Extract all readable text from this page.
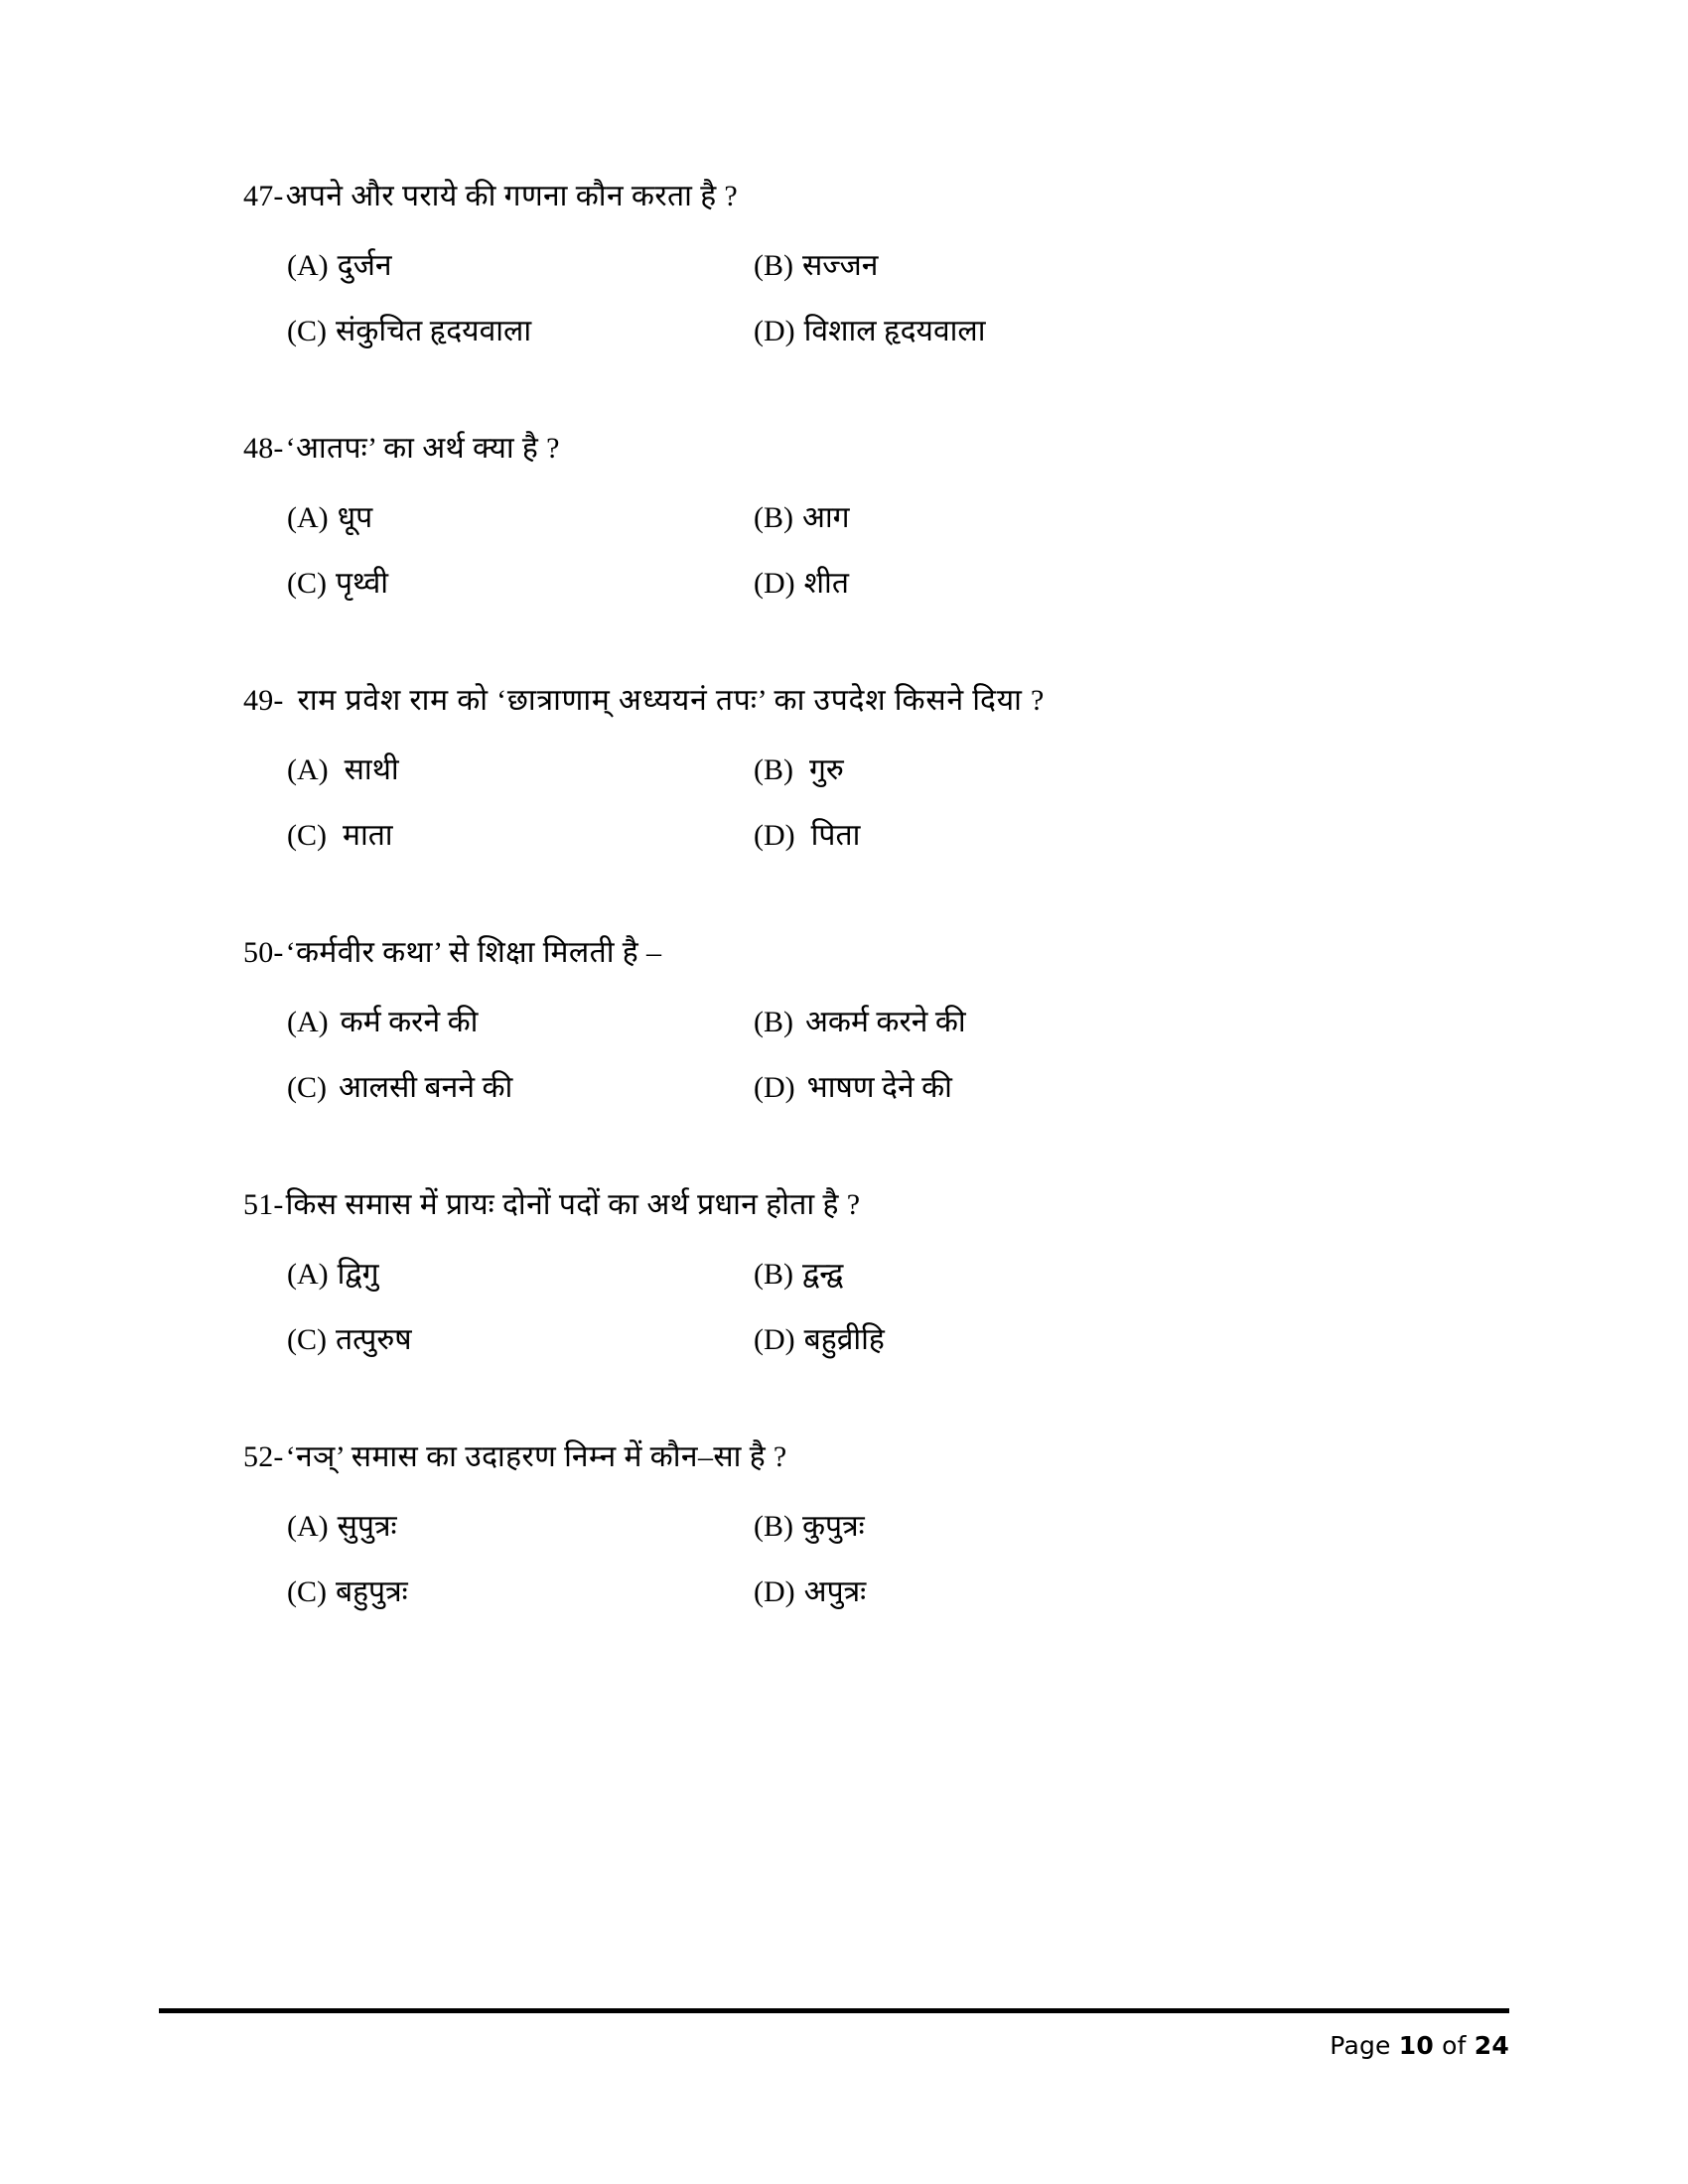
47- अपने और पराये की गणना कौन करता है ?
(A) दुर्जन	(B) सज्जन
(C) संकुचित हृदयवाला	(D) विशाल हृदयवाला
48- ‘आतपः’ का अर्थ क्या है ?
(A) धूप	(B) आग
(C) पृथ्वी	(D) शीत
49- राम प्रवेश राम को ‘छात्राणाम् अध्ययनं तपः’ का उपदेश किसने दिया ?
(A) साथी	(B) गुरु
(C) माता	(D) पिता
50- ‘कर्मवीर कथा’ से शिक्षा मिलती है –
(A) कर्म करने की	(B) अकर्म करने की
(C) आलसी बनने की	(D) भाषण देने की
51- किस समास में प्रायः दोनों पदों का अर्थ प्रधान होता है ?
(A) द्विगु	(B) द्वन्द्व
(C) तत्पुरुष	(D) बहुव्रीहि
52- ‘नञ्’ समास का उदाहरण निम्न में कौन–सा है ?
(A) सुपुत्रः	(B) कुपुत्रः
(C) बहुपुत्रः	(D) अपुत्रः
Page 10 of 24
